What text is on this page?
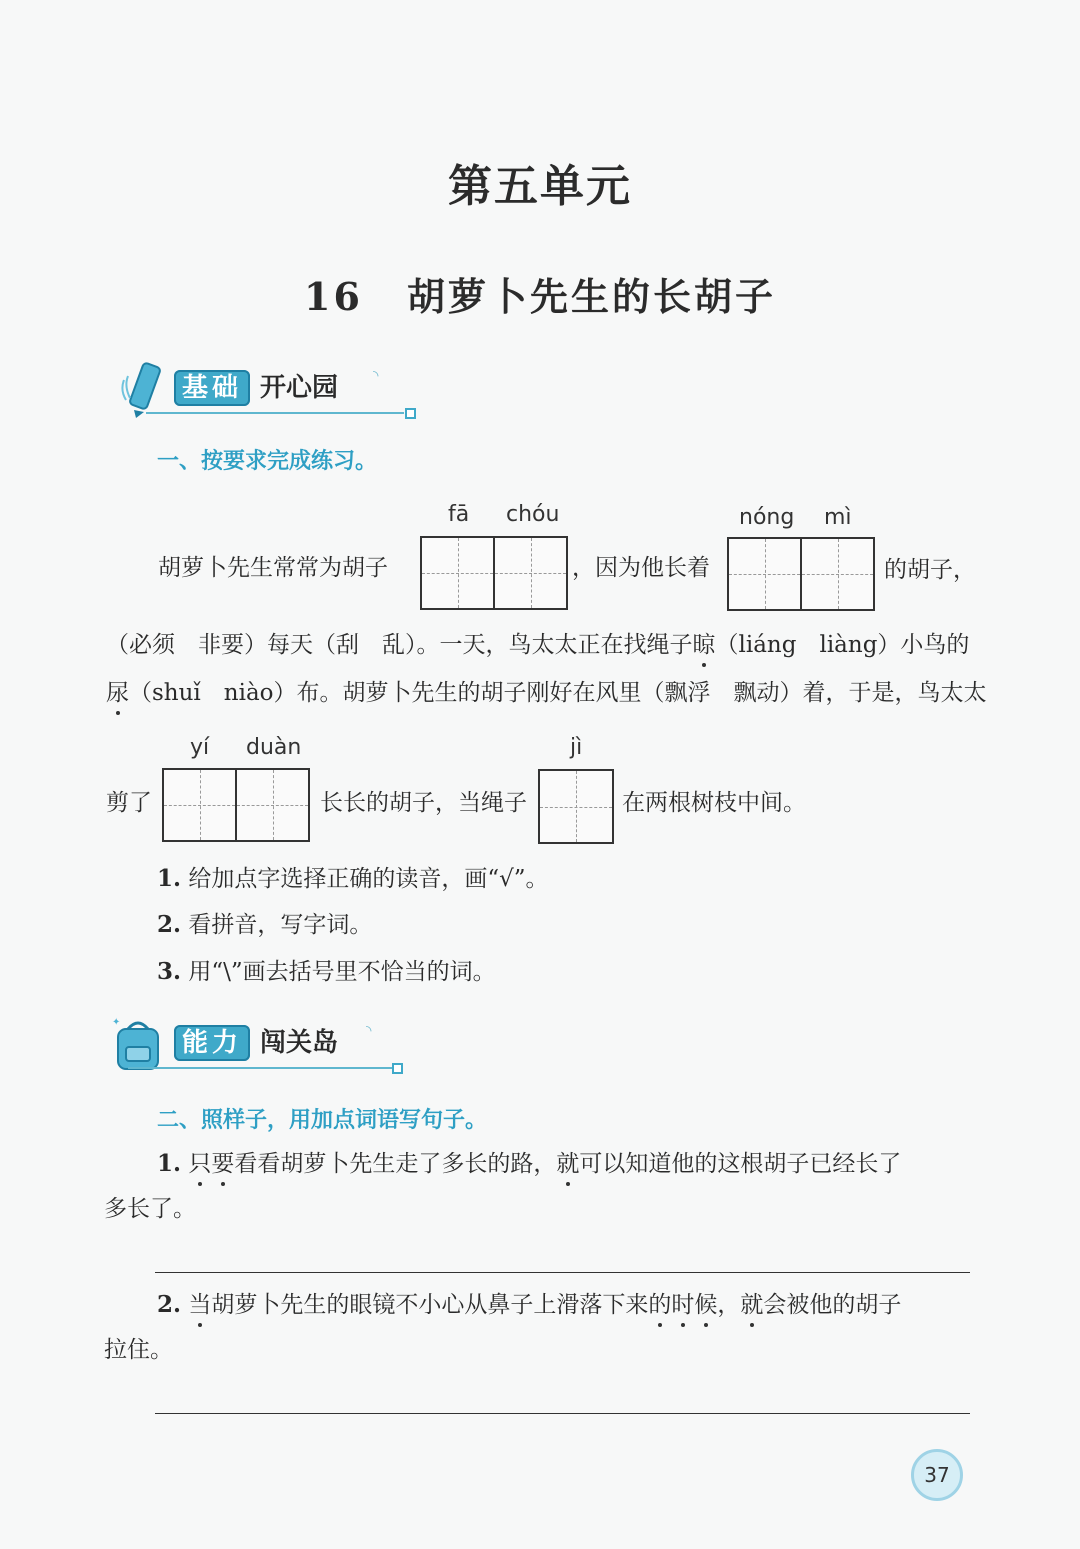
第五单元
16 胡萝卜先生的长胡子
基础 开心园 ◝
一、按要求完成练习。
fā chóu	nóng mì
胡萝卜先生常常为胡子	，因为他长着	的胡子，
（必须　非要）每天（刮　乱）。一天，鸟太太正在找绳子晾（liáng　liàng）小鸟的
尿（shuǐ　niào）布。胡萝卜先生的胡子刚好在风里（飘浮　飘动）着，于是，鸟太太
yí duàn	jì
剪了	长长的胡子，当绳子	在两根树枝中间。
1. 给加点字选择正确的读音，画“√”。
2. 看拼音，写字词。
3. 用“\”画去括号里不恰当的词。
✦
能力 闯关岛 ◝
二、照样子，用加点词语写句子。
1. 只要看看胡萝卜先生走了多长的路，就可以知道他的这根胡子已经长了
多长了。
2. 当胡萝卜先生的眼镜不小心从鼻子上滑落下来的时候，就会被他的胡子
拉住。
37
